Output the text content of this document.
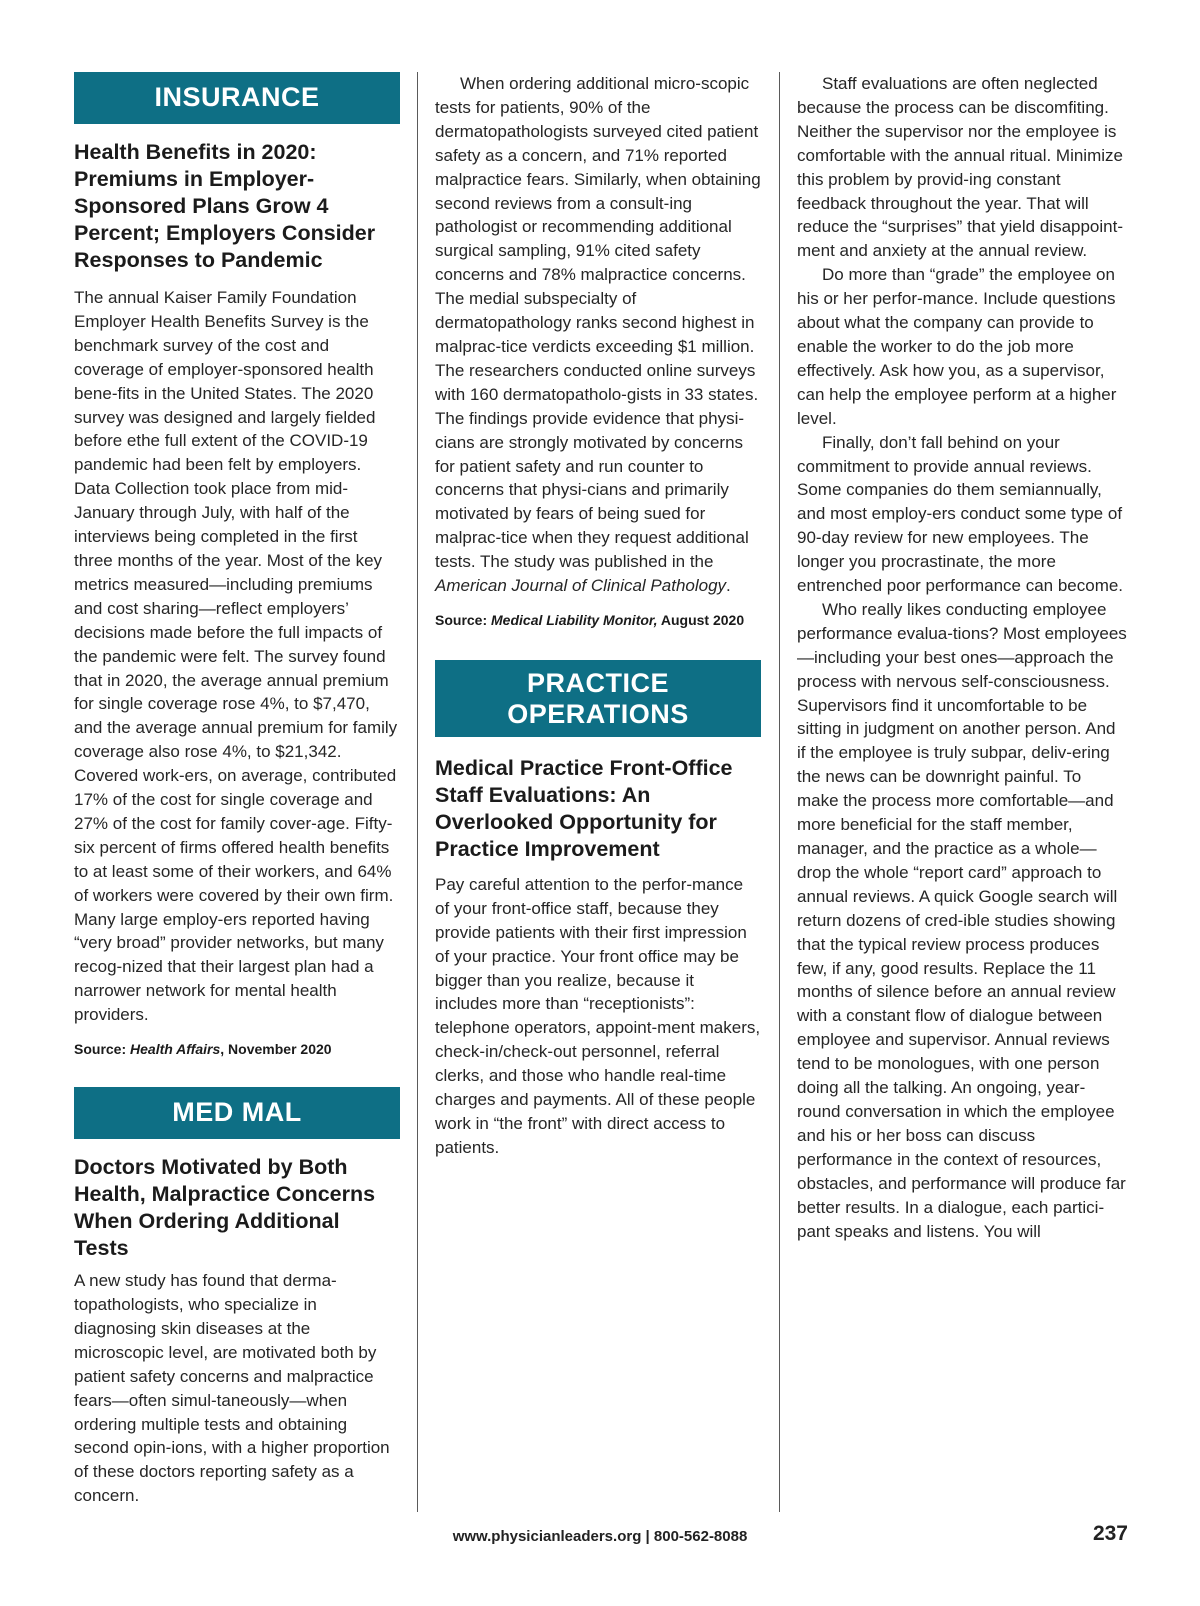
INSURANCE
Health Benefits in 2020: Premiums in Employer-Sponsored Plans Grow 4 Percent; Employers Consider Responses to Pandemic

The annual Kaiser Family Foundation Employer Health Benefits Survey is the benchmark survey of the cost and coverage of employer-sponsored health bene-fits in the United States. The 2020 survey was designed and largely fielded before ethe full extent of the COVID-19 pandemic had been felt by employers. Data Collection took place from mid-January through July, with half of the interviews being completed in the first three months of the year. Most of the key metrics measured—including premiums and cost sharing—reflect employers’ decisions made before the full impacts of the pandemic were felt. The survey found that in 2020, the average annual premium for single coverage rose 4%, to $7,470, and the average annual premium for family coverage also rose 4%, to $21,342. Covered work-ers, on average, contributed 17% of the cost for single coverage and 27% of the cost for family cover-age. Fifty-six percent of firms offered health benefits to at least some of their workers, and 64% of workers were covered by their own firm. Many large employ-ers reported having “very broad” provider networks, but many recog-nized that their largest plan had a narrower network for mental health providers.

Source: Health Affairs, November 2020

MED MAL
Doctors Motivated by Both Health, Malpractice Concerns When Ordering Additional Tests

A new study has found that derma-topathologists, who specialize in diagnosing skin diseases at the microscopic level, are motivated both by patient safety concerns and malpractice fears—often simul-taneously—when ordering multiple tests and obtaining second opin-ions, with a higher proportion of these doctors reporting safety as a concern.

When ordering additional micro-scopic tests for patients, 90% of the dermatopathologists surveyed cited patient safety as a concern, and 71% reported malpractice fears. Similarly, when obtaining second reviews from a consult-ing pathologist or recommending additional surgical sampling, 91% cited safety concerns and 78% malpractice concerns. The medial subspecialty of dermatopathology ranks second highest in malprac-tice verdicts exceeding $1 million. The researchers conducted online surveys with 160 dermatopatholo-gists in 33 states. The findings provide evidence that physi-cians are strongly motivated by concerns for patient safety and run counter to concerns that physi-cians and primarily motivated by fears of being sued for malprac-tice when they request additional tests. The study was published in the American Journal of Clinical Pathology.

Source: Medical Liability Monitor, August 2020

PRACTICE OPERATIONS
Medical Practice Front-Office Staff Evaluations: An Overlooked Opportunity for Practice Improvement

Pay careful attention to the perfor-mance of your front-office staff, because they provide patients with their first impression of your practice. Your front office may be bigger than you realize, because it includes more than “receptionists”: telephone operators, appoint-ment makers, check-in/check-out personnel, referral clerks, and those who handle real-time charges and payments. All of these people work in “the front” with direct access to patients.

Staff evaluations are often neglected because the process can be discomfiting. Neither the supervisor nor the employee is comfortable with the annual ritual. Minimize this problem by provid-ing constant feedback throughout the year. That will reduce the “surprises” that yield disappoint-ment and anxiety at the annual review.

Do more than “grade” the employee on his or her perfor-mance. Include questions about what the company can provide to enable the worker to do the job more effectively. Ask how you, as a supervisor, can help the employee perform at a higher level.

Finally, don’t fall behind on your commitment to provide annual reviews. Some companies do them semiannually, and most employ-ers conduct some type of 90-day review for new employees. The longer you procrastinate, the more entrenched poor performance can become.

Who really likes conducting employee performance evalua-tions? Most employees—including your best ones—approach the process with nervous self-consciousness. Supervisors find it uncomfortable to be sitting in judgment on another person. And if the employee is truly subpar, deliv-ering the news can be downright painful. To make the process more comfortable—and more beneficial for the staff member, manager, and the practice as a whole—drop the whole “report card” approach to annual reviews. A quick Google search will return dozens of cred-ible studies showing that the typical review process produces few, if any, good results. Replace the 11 months of silence before an annual review with a constant flow of dialogue between employee and supervisor. Annual reviews tend to be monologues, with one person doing all the talking. An ongoing, year-round conversation in which the employee and his or her boss can discuss performance in the context of resources, obstacles, and performance will produce far better results. In a dialogue, each partici-pant speaks and listens. You will

www.physicianleaders.org | 800-562-8088	237
